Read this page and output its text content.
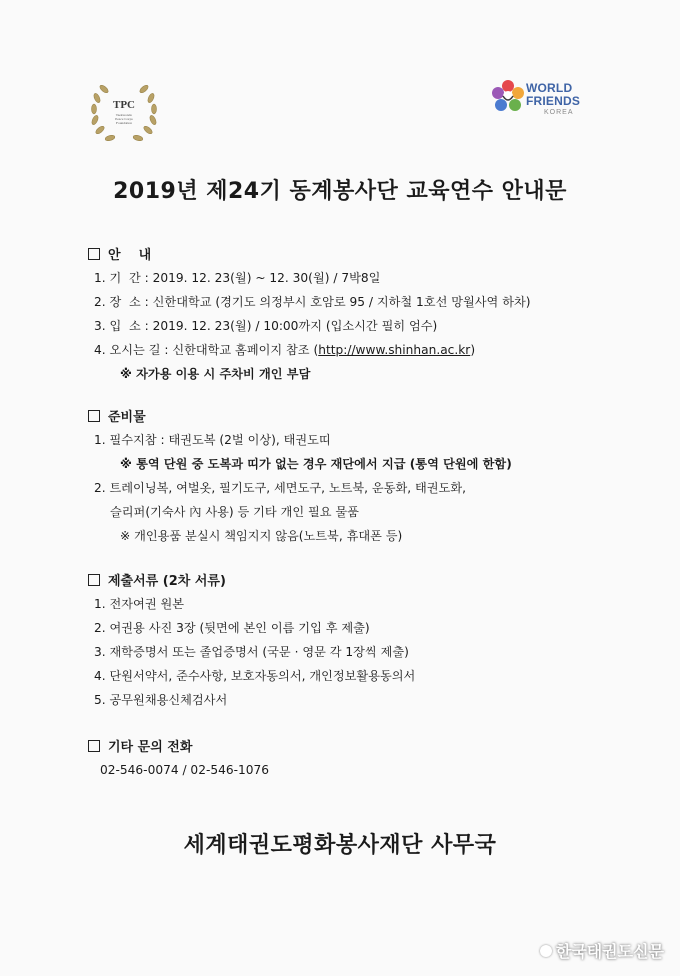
TPC
Taekwondo
Peace Corps
Foundation
WORLD
FRIENDS
KOREA
2019년 제24기 동계봉사단 교육연수 안내문
안    내
1. 기  간 : 2019. 12. 23(월) ~ 12. 30(월) / 7박8일
2. 장  소 : 신한대학교 (경기도 의정부시 호암로 95 / 지하철 1호선 망월사역 하차)
3. 입  소 : 2019. 12. 23(월) / 10:00까지 (입소시간 필히 엄수)
4. 오시는 길 : 신한대학교 홈페이지 참조 (http://www.shinhan.ac.kr)
※ 자가용 이용 시 주차비 개인 부담
준비물
1. 필수지참 : 태권도복 (2벌 이상), 태권도띠
※ 통역 단원 중 도복과 띠가 없는 경우 재단에서 지급 (통역 단원에 한함)
2. 트레이닝복, 여벌옷, 필기도구, 세면도구, 노트북, 운동화, 태권도화,
슬리퍼(기숙사 內 사용) 등 기타 개인 필요 물품
※ 개인용품 분실시 책임지지 않음(노트북, 휴대폰 등)
제출서류 (2차 서류)
1. 전자여권 원본
2. 여권용 사진 3장 (뒷면에 본인 이름 기입 후 제출)
3. 재학증명서 또는 졸업증명서 (국문 · 영문 각 1장씩 제출)
4. 단원서약서, 준수사항, 보호자동의서, 개인정보활용동의서
5. 공무원채용신체검사서
기타 문의 전화
02-546-0074 / 02-546-1076
세계태권도평화봉사재단 사무국
한국태권도신문
